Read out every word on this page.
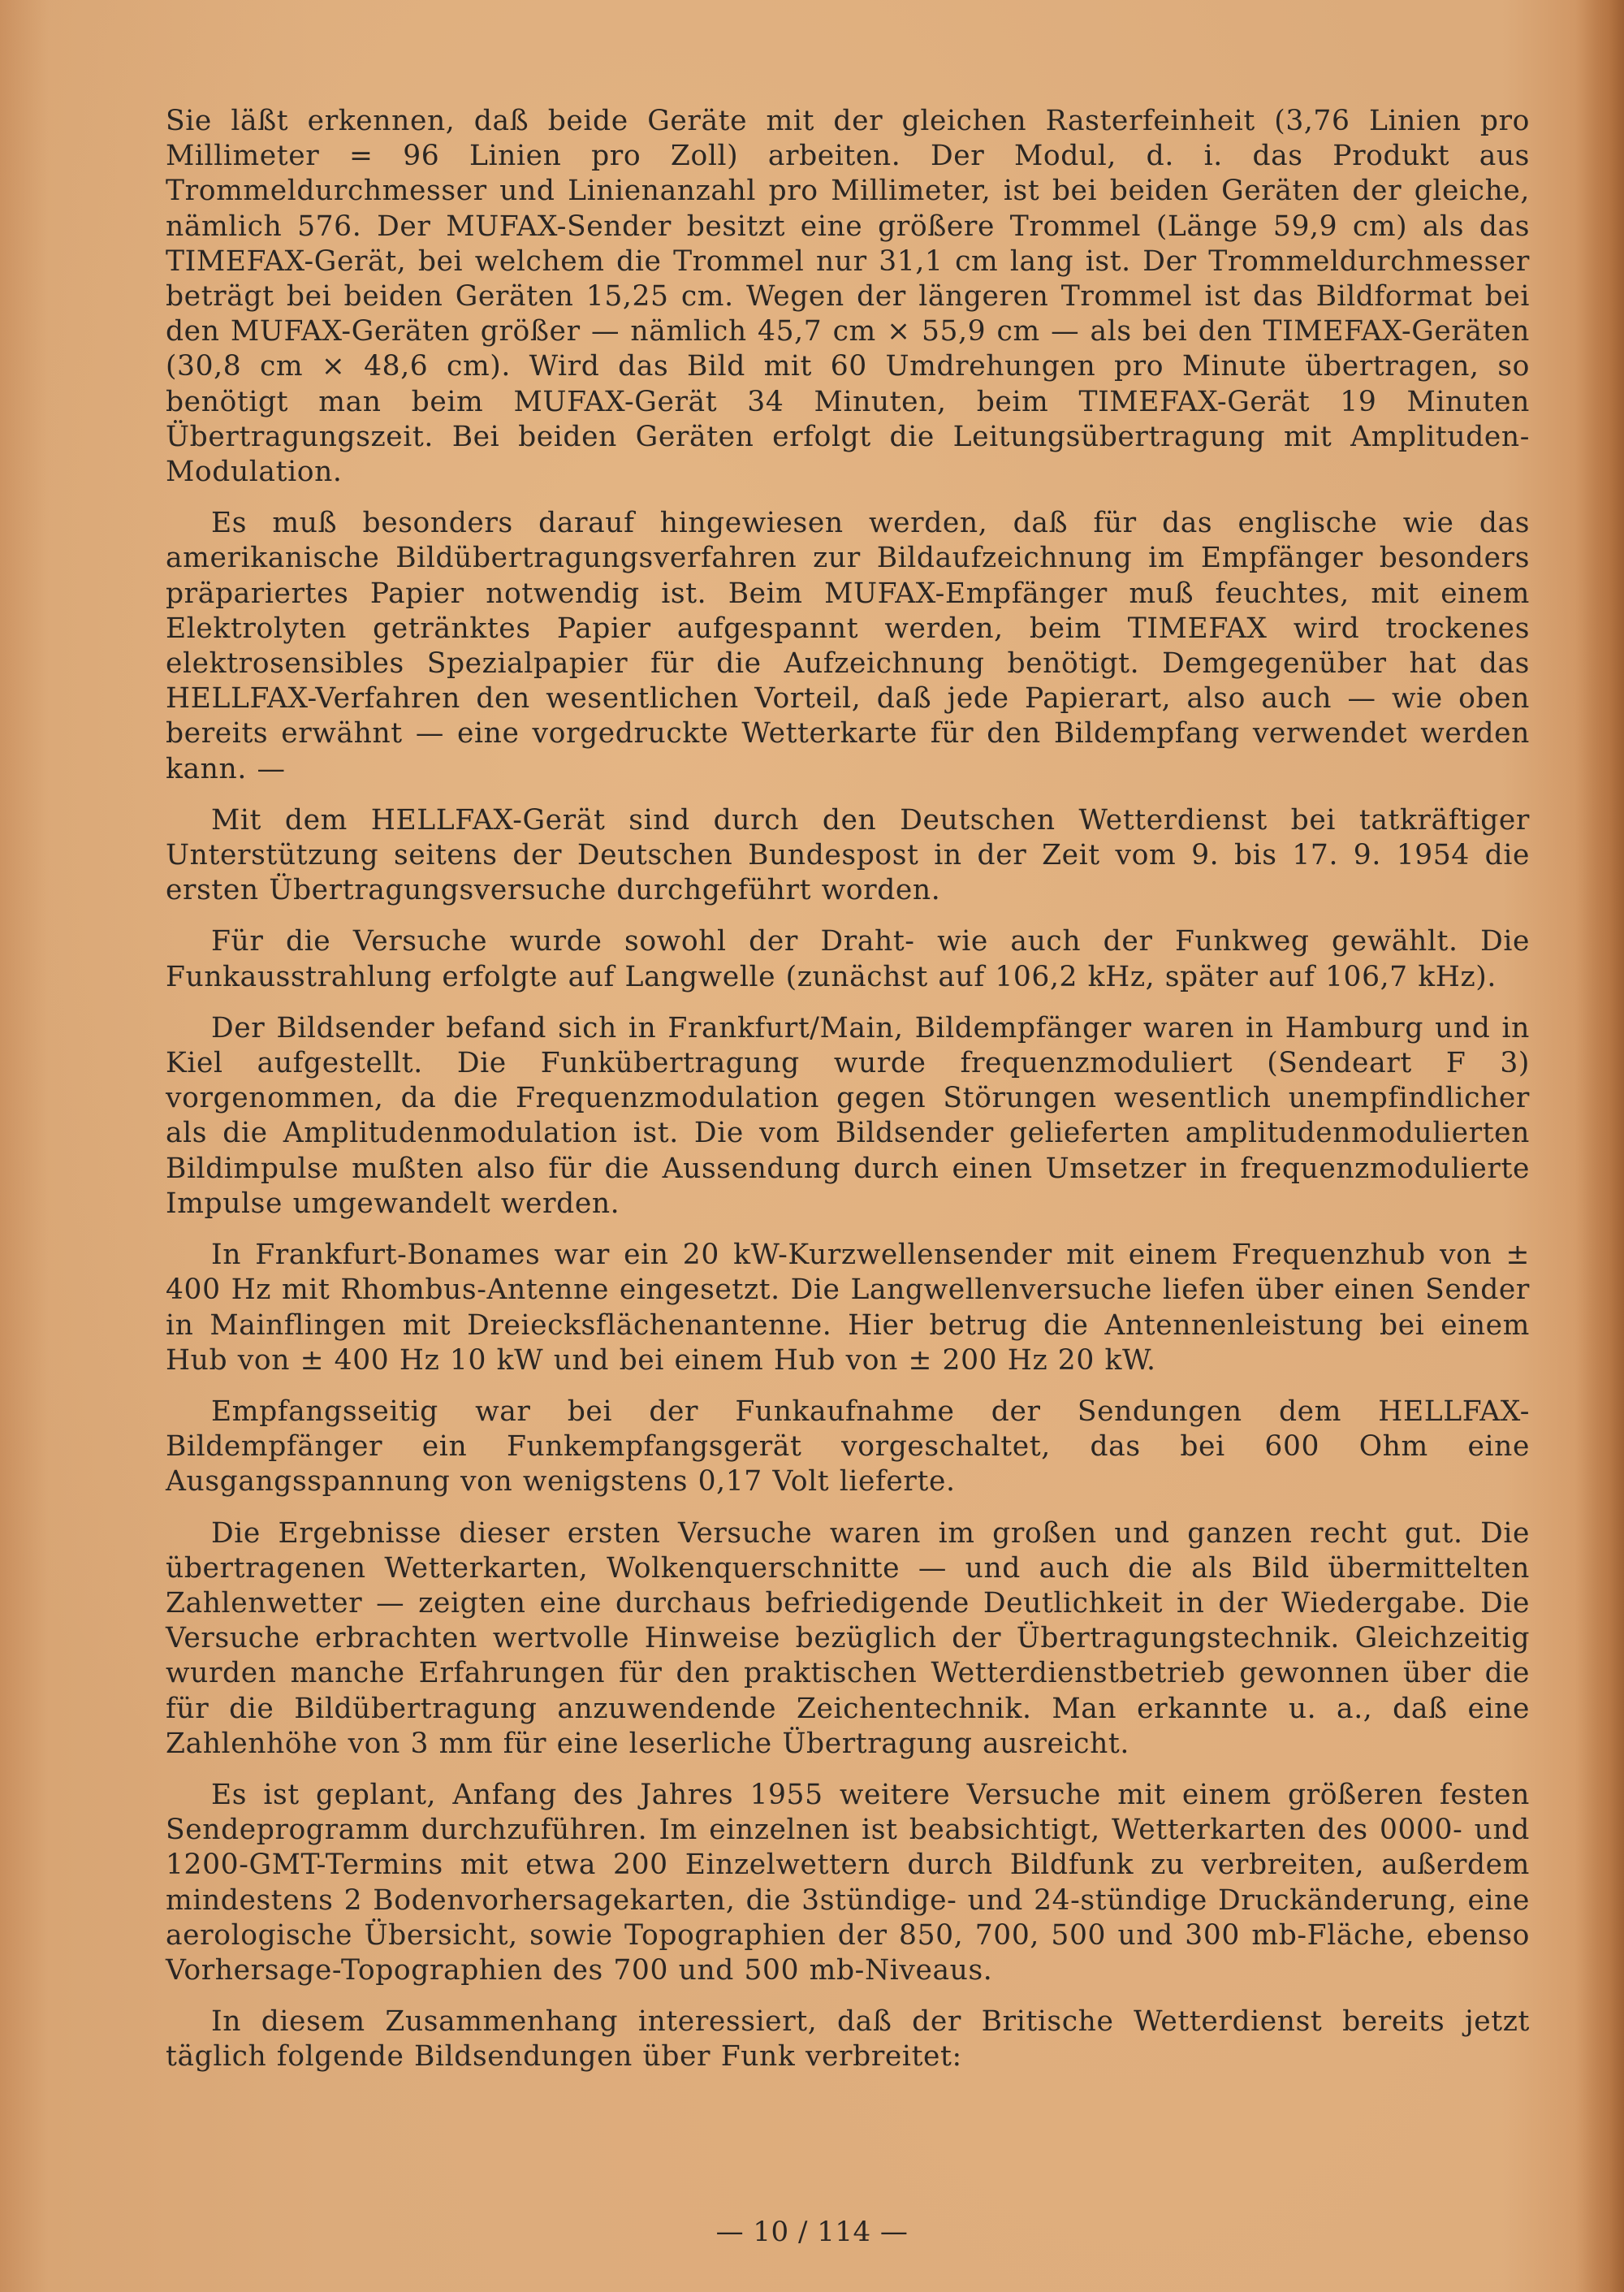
Sie läßt erkennen, daß beide Geräte mit der gleichen Rasterfeinheit (3,76 Linien pro Millimeter = 96 Linien pro Zoll) arbeiten. Der Modul, d. i. das Produkt aus Trommeldurchmesser und Linienanzahl pro Millimeter, ist bei beiden Geräten der gleiche, nämlich 576. Der MUFAX-Sender besitzt eine größere Trommel (Länge 59,9 cm) als das TIMEFAX-Gerät, bei welchem die Trommel nur 31,1 cm lang ist. Der Trommeldurchmesser beträgt bei beiden Geräten 15,25 cm. Wegen der längeren Trommel ist das Bildformat bei den MUFAX-Geräten größer — nämlich 45,7 cm × 55,9 cm — als bei den TIMEFAX-Geräten (30,8 cm × 48,6 cm). Wird das Bild mit 60 Umdrehungen pro Minute übertragen, so benötigt man beim MUFAX-Gerät 34 Minuten, beim TIMEFAX-Gerät 19 Minuten Übertragungszeit. Bei beiden Geräten erfolgt die Leitungsübertragung mit Amplituden-Modulation.

Es muß besonders darauf hingewiesen werden, daß für das englische wie das amerikanische Bildübertragungsverfahren zur Bildaufzeichnung im Empfänger besonders präpariertes Papier notwendig ist. Beim MUFAX-Empfänger muß feuchtes, mit einem Elektrolyten getränktes Papier aufgespannt werden, beim TIMEFAX wird trockenes elektrosensibles Spezialpapier für die Aufzeichnung benötigt. Demgegenüber hat das HELLFAX-Verfahren den wesentlichen Vorteil, daß jede Papierart, also auch — wie oben bereits erwähnt — eine vorgedruckte Wetterkarte für den Bildempfang verwendet werden kann. —

Mit dem HELLFAX-Gerät sind durch den Deutschen Wetterdienst bei tatkräftiger Unterstützung seitens der Deutschen Bundespost in der Zeit vom 9. bis 17. 9. 1954 die ersten Übertragungsversuche durchgeführt worden.

Für die Versuche wurde sowohl der Draht- wie auch der Funkweg gewählt. Die Funkausstrahlung erfolgte auf Langwelle (zunächst auf 106,2 kHz, später auf 106,7 kHz).

Der Bildsender befand sich in Frankfurt/Main, Bildempfänger waren in Hamburg und in Kiel aufgestellt. Die Funkübertragung wurde frequenzmoduliert (Sendeart F 3) vorgenommen, da die Frequenzmodulation gegen Störungen wesentlich unempfindlicher als die Amplitudenmodulation ist. Die vom Bildsender gelieferten amplitudenmodulierten Bildimpulse mußten also für die Aussendung durch einen Umsetzer in frequenzmodulierte Impulse umgewandelt werden.

In Frankfurt-Bonames war ein 20 kW-Kurzwellensender mit einem Frequenzhub von ± 400 Hz mit Rhombus-Antenne eingesetzt. Die Langwellenversuche liefen über einen Sender in Mainflingen mit Dreiecksflächenantenne. Hier betrug die Antennenleistung bei einem Hub von ± 400 Hz 10 kW und bei einem Hub von ± 200 Hz 20 kW.

Empfangsseitig war bei der Funkaufnahme der Sendungen dem HELLFAX-Bildempfänger ein Funkempfangsgerät vorgeschaltet, das bei 600 Ohm eine Ausgangsspannung von wenigstens 0,17 Volt lieferte.

Die Ergebnisse dieser ersten Versuche waren im großen und ganzen recht gut. Die übertragenen Wetterkarten, Wolkenquerschnitte — und auch die als Bild übermittelten Zahlenwetter — zeigten eine durchaus befriedigende Deutlichkeit in der Wiedergabe. Die Versuche erbrachten wertvolle Hinweise bezüglich der Übertragungstechnik. Gleichzeitig wurden manche Erfahrungen für den praktischen Wetterdienstbetrieb gewonnen über die für die Bildübertragung anzuwendende Zeichentechnik. Man erkannte u. a., daß eine Zahlenhöhe von 3 mm für eine leserliche Übertragung ausreicht.

Es ist geplant, Anfang des Jahres 1955 weitere Versuche mit einem größeren festen Sendeprogramm durchzuführen. Im einzelnen ist beabsichtigt, Wetterkarten des 0000- und 1200-GMT-Termins mit etwa 200 Einzelwettern durch Bildfunk zu verbreiten, außerdem mindestens 2 Bodenvorhersagekarten, die 3stündige- und 24-stündige Druckänderung, eine aerologische Übersicht, sowie Topographien der 850, 700, 500 und 300 mb-Fläche, ebenso Vorhersage-Topographien des 700 und 500 mb-Niveaus.

In diesem Zusammenhang interessiert, daß der Britische Wetterdienst bereits jetzt täglich folgende Bildsendungen über Funk verbreitet:

— 10 / 114 —
